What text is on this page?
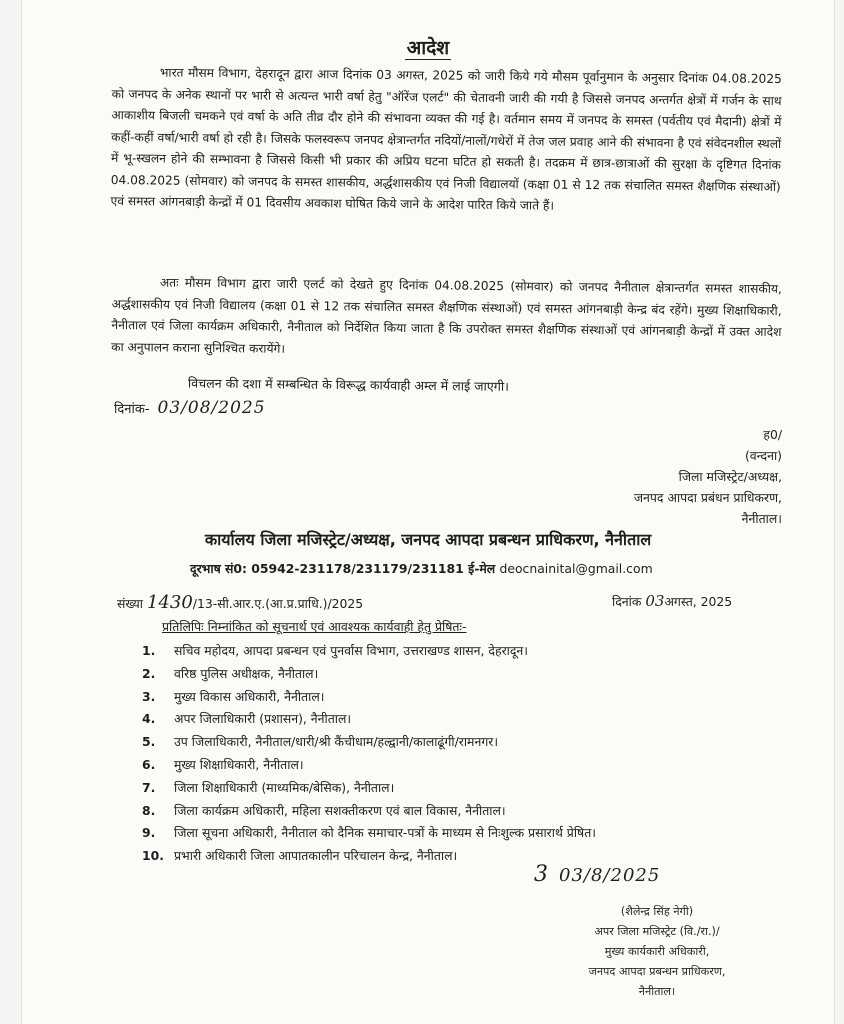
आदेश

भारत मौसम विभाग, देहरादून द्वारा आज दिनांक 03 अगस्त, 2025 को जारी किये गये मौसम पूर्वानुमान के अनुसार दिनांक 04.08.2025 को जनपद के अनेक स्थानों पर भारी से अत्यन्त भारी वर्षा हेतु "ऑरेंज एलर्ट" की चेतावनी जारी की गयी है जिससे जनपद अन्तर्गत क्षेत्रों में गर्जन के साथ आकाशीय बिजली चमकने एवं वर्षा के अति तीव्र दौर होने की संभावना व्यक्त की गई है। वर्तमान समय में जनपद के समस्त (पर्वतीय एवं मैदानी) क्षेत्रों में कहीं-कहीं वर्षा/भारी वर्षा हो रही है। जिसके फलस्वरूप जनपद क्षेत्रान्तर्गत नदियों/नालों/गधेरों में तेज जल प्रवाह आने की संभावना है एवं संवेदनशील स्थलों में भू-स्खलन होने की सम्भावना है जिससे किसी भी प्रकार की अप्रिय घटना घटित हो सकती है। तदक्रम में छात्र-छात्राओं की सुरक्षा के दृष्टिगत दिनांक 04.08.2025 (सोमवार) को जनपद के समस्त शासकीय, अर्द्धशासकीय एवं निजी विद्यालयों (कक्षा 01 से 12 तक संचालित समस्त शैक्षणिक संस्थाओं) एवं समस्त आंगनबाड़ी केन्द्रों में 01 दिवसीय अवकाश घोषित किये जाने के आदेश पारित किये जाते हैं।

अतः मौसम विभाग द्वारा जारी एलर्ट को देखते हुए दिनांक 04.08.2025 (सोमवार) को जनपद नैनीताल क्षेत्रान्तर्गत समस्त शासकीय, अर्द्धशासकीय एवं निजी विद्यालय (कक्षा 01 से 12 तक संचालित समस्त शैक्षणिक संस्थाओं) एवं समस्त आंगनबाड़ी केन्द्र बंद रहेंगे। मुख्य शिक्षाधिकारी, नैनीताल एवं जिला कार्यक्रम अधिकारी, नैनीताल को निर्देशित किया जाता है कि उपरोक्त समस्त शैक्षणिक संस्थाओं एवं आंगनबाड़ी केन्द्रों में उक्त आदेश का अनुपालन कराना सुनिश्चित करायेंगे।

विचलन की दशा में सम्बन्धित के विरूद्ध कार्यवाही अम्ल में लाई जाएगी।

दिनांक- 03/08/2025
ह0/
(वन्दना)
जिला मजिस्ट्रेट/अध्यक्ष,
जनपद आपदा प्रबंधन प्राधिकरण,
नैनीताल।
कार्यालय जिला मजिस्ट्रेट/अध्यक्ष, जनपद आपदा प्रबन्धन प्राधिकरण, नैनीताल
दूरभाष सं0: 05942-231178/231179/231181 ई-मेल deocnainital@gmail.com
संख्या 1430/13-सी.आर.ए.(आ.प्र.प्राधि.)/2025	दिनांक 03अगस्त, 2025
प्रतिलिपिः निम्नांकित को सूचनार्थ एवं आवश्यक कार्यवाही हेतु प्रेषितः-
1. सचिव महोदय, आपदा प्रबन्धन एवं पुनर्वास विभाग, उत्तराखण्ड शासन, देहरादून।
2. वरिष्ठ पुलिस अधीक्षक, नैनीताल।
3. मुख्य विकास अधिकारी, नैनीताल।
4. अपर जिलाधिकारी (प्रशासन), नैनीताल।
5. उप जिलाधिकारी, नैनीताल/धारी/श्री कैंचीधाम/हल्द्वानी/कालाढूंगी/रामनगर।
6. मुख्य शिक्षाधिकारी, नैनीताल।
7. जिला शिक्षाधिकारी (माध्यमिक/बेसिक), नैनीताल।
8. जिला कार्यक्रम अधिकारी, महिला सशक्तीकरण एवं बाल विकास, नैनीताल।
9. जिला सूचना अधिकारी, नैनीताल को दैनिक समाचार-पत्रों के माध्यम से निःशुल्क प्रसारार्थ प्रेषित।
10. प्रभारी अधिकारी जिला आपातकालीन परिचालन केन्द्र, नैनीताल।
3 03/8/2025
(शैलेन्द्र सिंह नेगी)
अपर जिला मजिस्ट्रेट (वि./रा.)/
मुख्य कार्यकारी अधिकारी,
जनपद आपदा प्रबन्धन प्राधिकरण,
नैनीताल।
